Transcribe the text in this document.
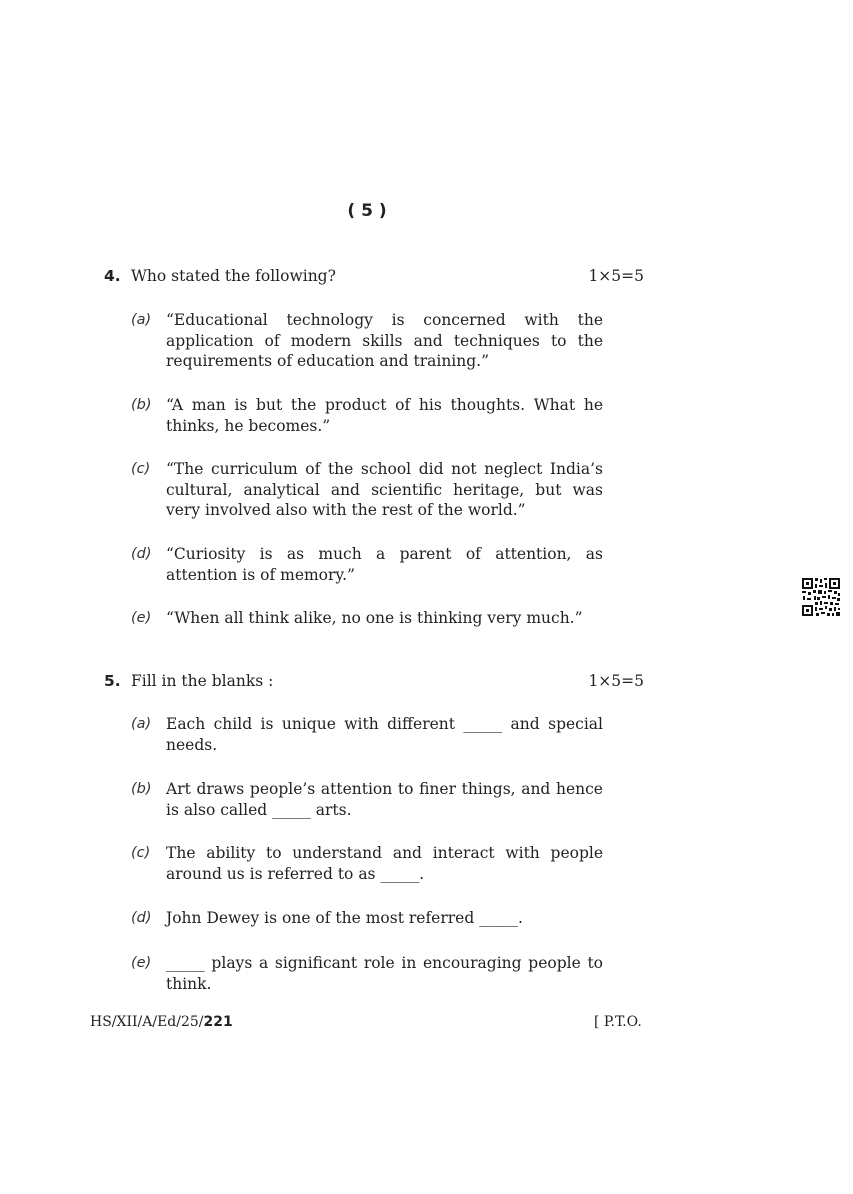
( 5 )
4. Who stated the following?	1×5=5
(a) “Educational technology is concerned with the application of modern skills and techniques to the requirements of education and training.”
(b) “A man is but the product of his thoughts. What he thinks, he becomes.”
(c) “The curriculum of the school did not neglect India’s cultural, analytical and scientific heritage, but was very involved also with the rest of the world.”
(d) “Curiosity is as much a parent of attention, as attention is of memory.”
(e) “When all think alike, no one is thinking very much.”
5. Fill in the blanks :	1×5=5
(a) Each child is unique with different _____ and special needs.
(b) Art draws people’s attention to finer things, and hence is also called _____ arts.
(c) The ability to understand and interact with people around us is referred to as _____.
(d) John Dewey is one of the most referred _____.
(e) _____ plays a significant role in encouraging people to think.
HS/XII/A/Ed/25/221	[ P.T.O.
